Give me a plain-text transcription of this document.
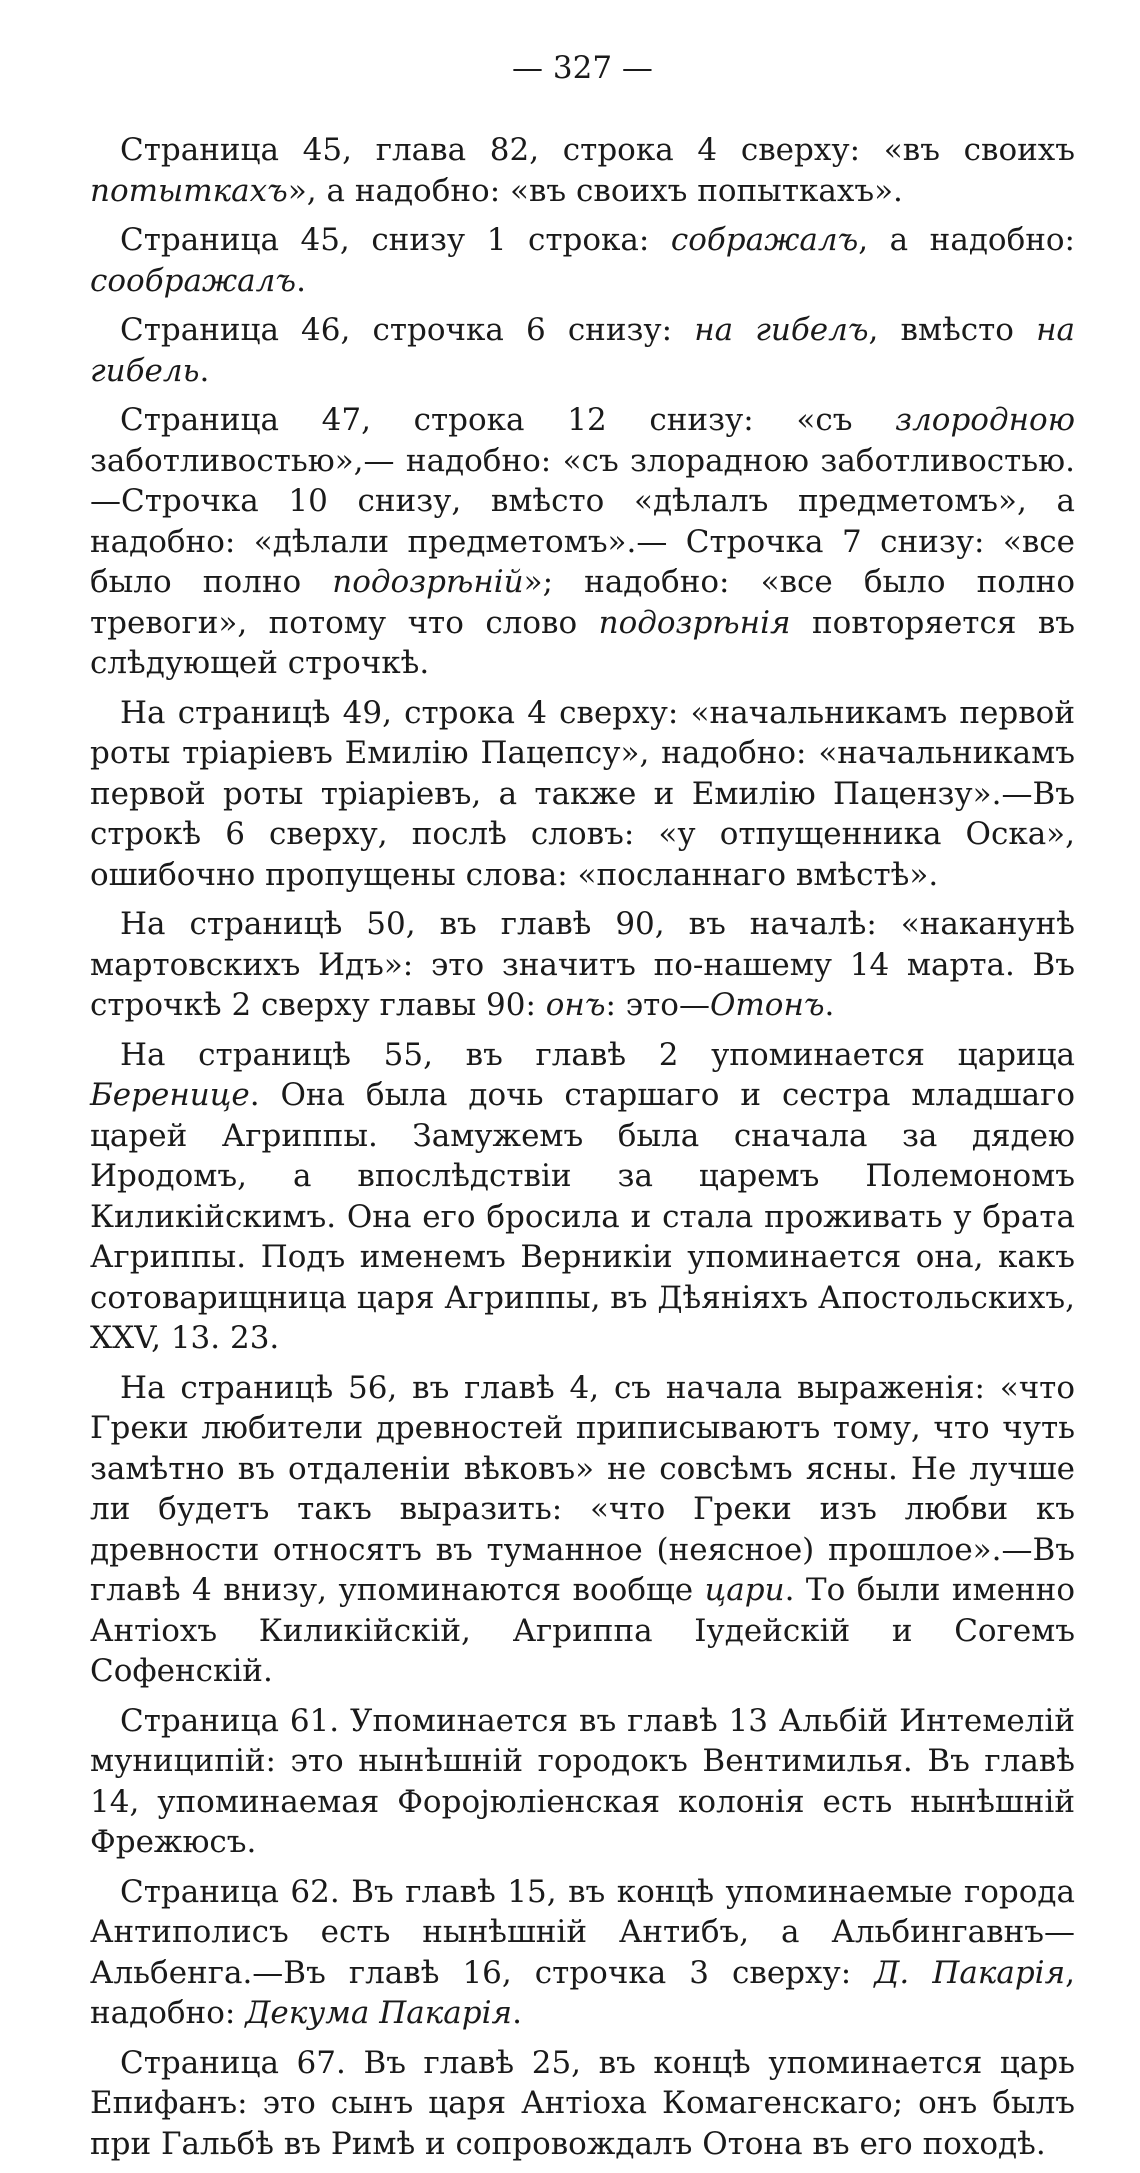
— 327 —

Страница 45, глава 82, строка 4 сверху: «въ своихъ потыткахъ», а надобно: «въ своихъ попыткахъ».

Страница 45, снизу 1 строка: сображалъ, а надобно: соображалъ.

Страница 46, строчка 6 снизу: на гибелъ, вмѣсто на гибель.

Страница 47, строка 12 снизу: «съ злородною заботливостью»,— надобно: «съ злорадною заботливостью.—Строчка 10 снизу, вмѣсто «дѣлалъ предметомъ», а надобно: «дѣлали предметомъ».— Строчка 7 снизу: «все было полно подозрѣнiй»; надобно: «все было полно тревоги», потому что слово подозрѣнiя повторяется въ слѣдующей строчкѣ.

На страницѣ 49, строка 4 сверху: «начальникамъ первой роты тріаріевъ Емилію Пацепсу», надобно: «начальникамъ первой роты тріаріевъ, а также и Емилію Пацензу».—Въ строкѣ 6 сверху, послѣ словъ: «у отпущенника Оска», ошибочно пропущены слова: «посланнаго вмѣстѣ».

На страницѣ 50, въ главѣ 90, въ началѣ: «наканунѣ мартовскихъ Идъ»: это значитъ по-нашему 14 марта. Въ строчкѣ 2 сверху главы 90: онъ: это—Отонъ.

На страницѣ 55, въ главѣ 2 упоминается царица Беренице. Она была дочь старшаго и сестра младшаго царей Агриппы. Замужемъ была сначала за дядею Иродомъ, а впослѣдствіи за царемъ Полемономъ Киликійскимъ. Она его бросила и стала проживать у брата Агриппы. Подъ именемъ Верникіи упоминается она, какъ сотоварищница царя Агриппы, въ Дѣяніяхъ Апостольскихъ, XXV, 13. 23.

На страницѣ 56, въ главѣ 4, съ начала выраженія: «что Греки любители древностей приписываютъ тому, что чуть замѣтно въ отдаленіи вѣковъ» не совсѣмъ ясны. Не лучше ли будетъ такъ выразить: «что Греки изъ любви къ древности относятъ въ туманное (неясное) прошлое».—Въ главѣ 4 внизу, упоминаются вообще цари. То были именно Антіохъ Киликійскій, Агриппа Іудейскій и Согемъ Софенскій.

Страница 61. Упоминается въ главѣ 13 Альбій Интемелій муниципій: это нынѣшній городокъ Вентимилья. Въ главѣ 14, упоминаемая Форојюліенская колонія есть нынѣшній Фрежюсъ.

Страница 62. Въ главѣ 15, въ концѣ упоминаемые города Антиполисъ есть нынѣшній Антибъ, а Альбингавнъ—Альбенга.—Въ главѣ 16, строчка 3 сверху: Д. Пакарія, надобно: Декума Пакарія.

Страница 67. Въ главѣ 25, въ концѣ упоминается царь Епифанъ: это сынъ царя Антіоха Комагенскаго; онъ былъ при Гальбѣ въ Римѣ и сопровождалъ Отона въ его походѣ.
